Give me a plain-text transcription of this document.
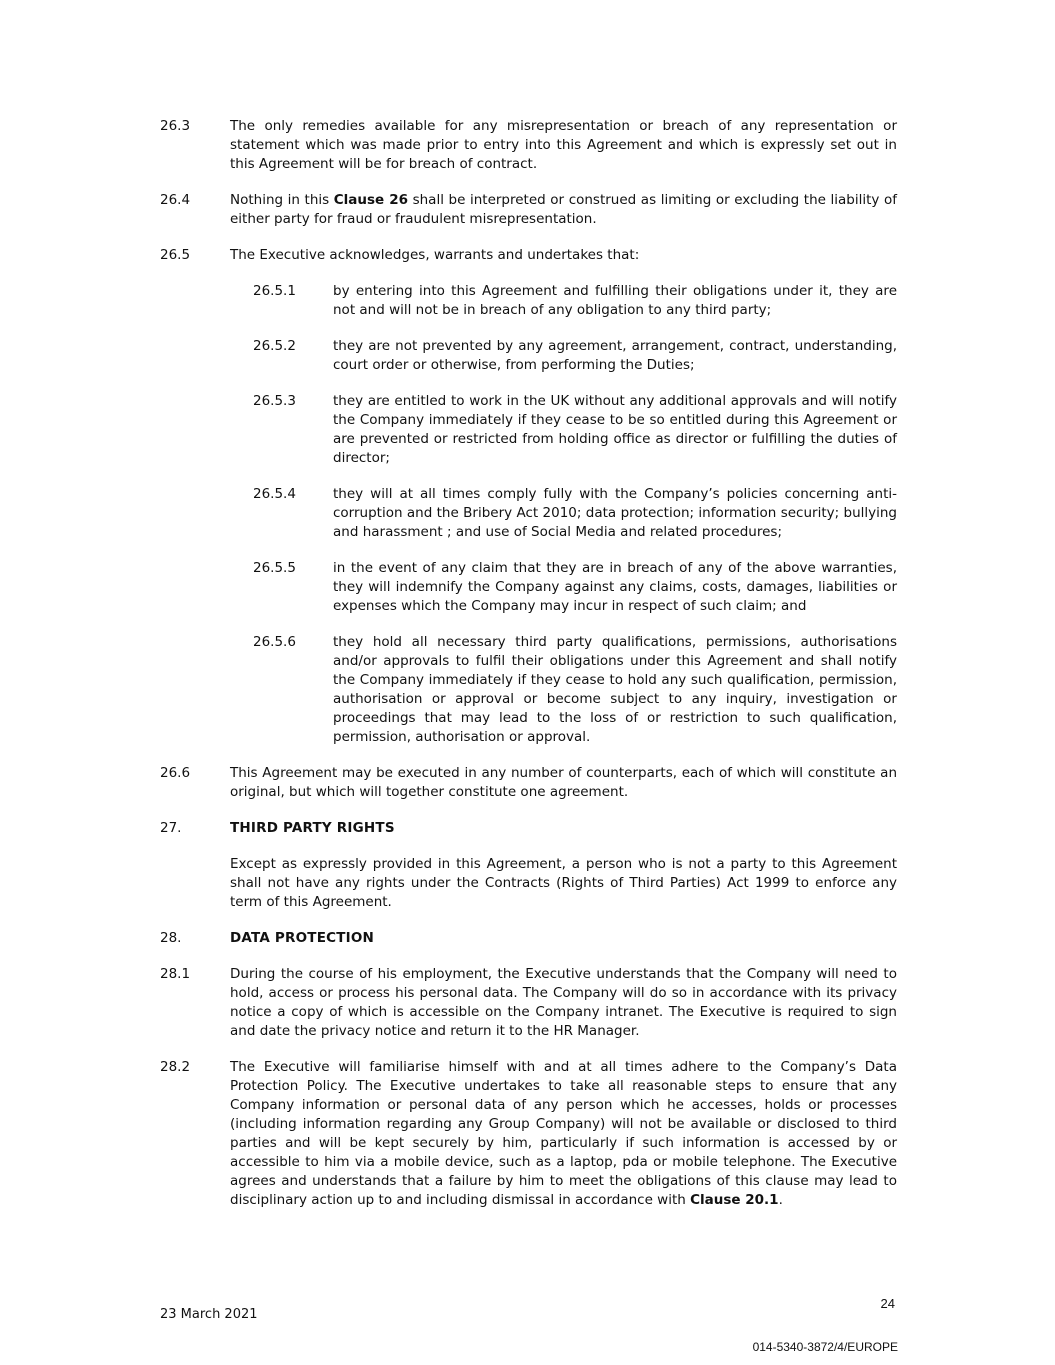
26.3	The only remedies available for any misrepresentation or breach of any representation or statement which was made prior to entry into this Agreement and which is expressly set out in this Agreement will be for breach of contract.
26.4	Nothing in this Clause 26 shall be interpreted or construed as limiting or excluding the liability of either party for fraud or fraudulent misrepresentation.
26.5	The Executive acknowledges, warrants and undertakes that:
26.5.1	by entering into this Agreement and fulfilling their obligations under it, they are not and will not be in breach of any obligation to any third party;
26.5.2	they are not prevented by any agreement, arrangement, contract, understanding, court order or otherwise, from performing the Duties;
26.5.3	they are entitled to work in the UK without any additional approvals and will notify the Company immediately if they cease to be so entitled during this Agreement or are prevented or restricted from holding office as director or fulfilling the duties of director;
26.5.4	they will at all times comply fully with the Company’s policies concerning anti-corruption and the Bribery Act 2010; data protection; information security; bullying and harassment ; and use of Social Media and related procedures;
26.5.5	in the event of any claim that they are in breach of any of the above warranties, they will indemnify the Company against any claims, costs, damages, liabilities or expenses which the Company may incur in respect of such claim; and
26.5.6	they hold all necessary third party qualifications, permissions, authorisations and/or approvals to fulfil their obligations under this Agreement and shall notify the Company immediately if they cease to hold any such qualification, permission, authorisation or approval or become subject to any inquiry, investigation or proceedings that may lead to the loss of or restriction to such qualification, permission, authorisation or approval.
26.6	This Agreement may be executed in any number of counterparts, each of which will constitute an original, but which will together constitute one agreement.
27.	THIRD PARTY RIGHTS
Except as expressly provided in this Agreement, a person who is not a party to this Agreement shall not have any rights under the Contracts (Rights of Third Parties) Act 1999 to enforce any term of this Agreement.
28.	DATA PROTECTION
28.1	During the course of his employment, the Executive understands that the Company will need to hold, access or process his personal data. The Company will do so in accordance with its privacy notice a copy of which is accessible on the Company intranet. The Executive is required to sign and date the privacy notice and return it to the HR Manager.
28.2	The Executive will familiarise himself with and at all times adhere to the Company’s Data Protection Policy. The Executive undertakes to take all reasonable steps to ensure that any Company information or personal data of any person which he accesses, holds or processes (including information regarding any Group Company) will not be available or disclosed to third parties and will be kept securely by him, particularly if such information is accessed by or accessible to him via a mobile device, such as a laptop, pda or mobile telephone. The Executive agrees and understands that a failure by him to meet the obligations of this clause may lead to disciplinary action up to and including dismissal in accordance with Clause 20.1.
23 March 2021
24
014-5340-3872/4/EUROPE
